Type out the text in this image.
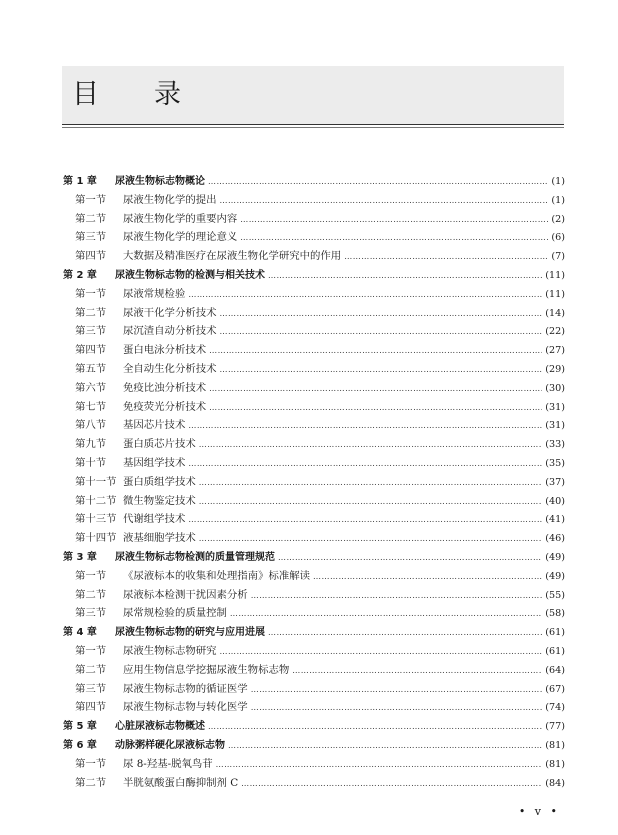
目　录
第 1 章	尿液生物标志物概论 ………………………………………………………………………………………………………………………………………………………………………………	(1)
第一节	尿液生物化学的提出 ………………………………………………………………………………………………………………………………………………………………………………	(1)
第二节	尿液生物化学的重要内容 ………………………………………………………………………………………………………………………………………………………………………………	(2)
第三节	尿液生物化学的理论意义 ………………………………………………………………………………………………………………………………………………………………………………	(6)
第四节	大数据及精准医疗在尿液生物化学研究中的作用 ………………………………………………………………………………………………………………………………………………………………………………	(7)
第 2 章	尿液生物标志物的检测与相关技术 ………………………………………………………………………………………………………………………………………………………………………………	(11)
第一节	尿液常规检验 ………………………………………………………………………………………………………………………………………………………………………………	(11)
第二节	尿液干化学分析技术 ………………………………………………………………………………………………………………………………………………………………………………	(14)
第三节	尿沉渣自动分析技术 ………………………………………………………………………………………………………………………………………………………………………………	(22)
第四节	蛋白电泳分析技术 ………………………………………………………………………………………………………………………………………………………………………………	(27)
第五节	全自动生化分析技术 ………………………………………………………………………………………………………………………………………………………………………………	(29)
第六节	免疫比浊分析技术 ………………………………………………………………………………………………………………………………………………………………………………	(30)
第七节	免疫荧光分析技术 ………………………………………………………………………………………………………………………………………………………………………………	(31)
第八节	基因芯片技术 ………………………………………………………………………………………………………………………………………………………………………………	(31)
第九节	蛋白质芯片技术 ………………………………………………………………………………………………………………………………………………………………………………	(33)
第十节	基因组学技术 ………………………………………………………………………………………………………………………………………………………………………………	(35)
第十一节 蛋白质组学技术 ………………………………………………………………………………………………………………………………………………………………………………	(37)
第十二节 微生物鉴定技术 ………………………………………………………………………………………………………………………………………………………………………………	(40)
第十三节 代谢组学技术 ………………………………………………………………………………………………………………………………………………………………………………	(41)
第十四节 液基细胞学技术 ………………………………………………………………………………………………………………………………………………………………………………	(46)
第 3 章	尿液生物标志物检测的质量管理规范 ………………………………………………………………………………………………………………………………………………………………………………	(49)
第一节	《尿液标本的收集和处理指南》标准解读 ………………………………………………………………………………………………………………………………………………………………………………	(49)
第二节	尿液标本检测干扰因素分析 ………………………………………………………………………………………………………………………………………………………………………………	(55)
第三节	尿常规检验的质量控制 ………………………………………………………………………………………………………………………………………………………………………………	(58)
第 4 章	尿液生物标志物的研究与应用进展 ………………………………………………………………………………………………………………………………………………………………………………	(61)
第一节	尿液生物标志物研究 ………………………………………………………………………………………………………………………………………………………………………………	(61)
第二节	应用生物信息学挖掘尿液生物标志物 ………………………………………………………………………………………………………………………………………………………………………………	(64)
第三节	尿液生物标志物的循证医学 ………………………………………………………………………………………………………………………………………………………………………………	(67)
第四节	尿液生物标志物与转化医学 ………………………………………………………………………………………………………………………………………………………………………………	(74)
第 5 章	心脏尿液标志物概述 ………………………………………………………………………………………………………………………………………………………………………………	(77)
第 6 章	动脉粥样硬化尿液标志物 ………………………………………………………………………………………………………………………………………………………………………………	(81)
第一节	尿 8-羟基-脱氧鸟苷 ………………………………………………………………………………………………………………………………………………………………………………	(81)
第二节	半胱氨酸蛋白酶抑制剂 C ………………………………………………………………………………………………………………………………………………………………………………	(84)
• v •
